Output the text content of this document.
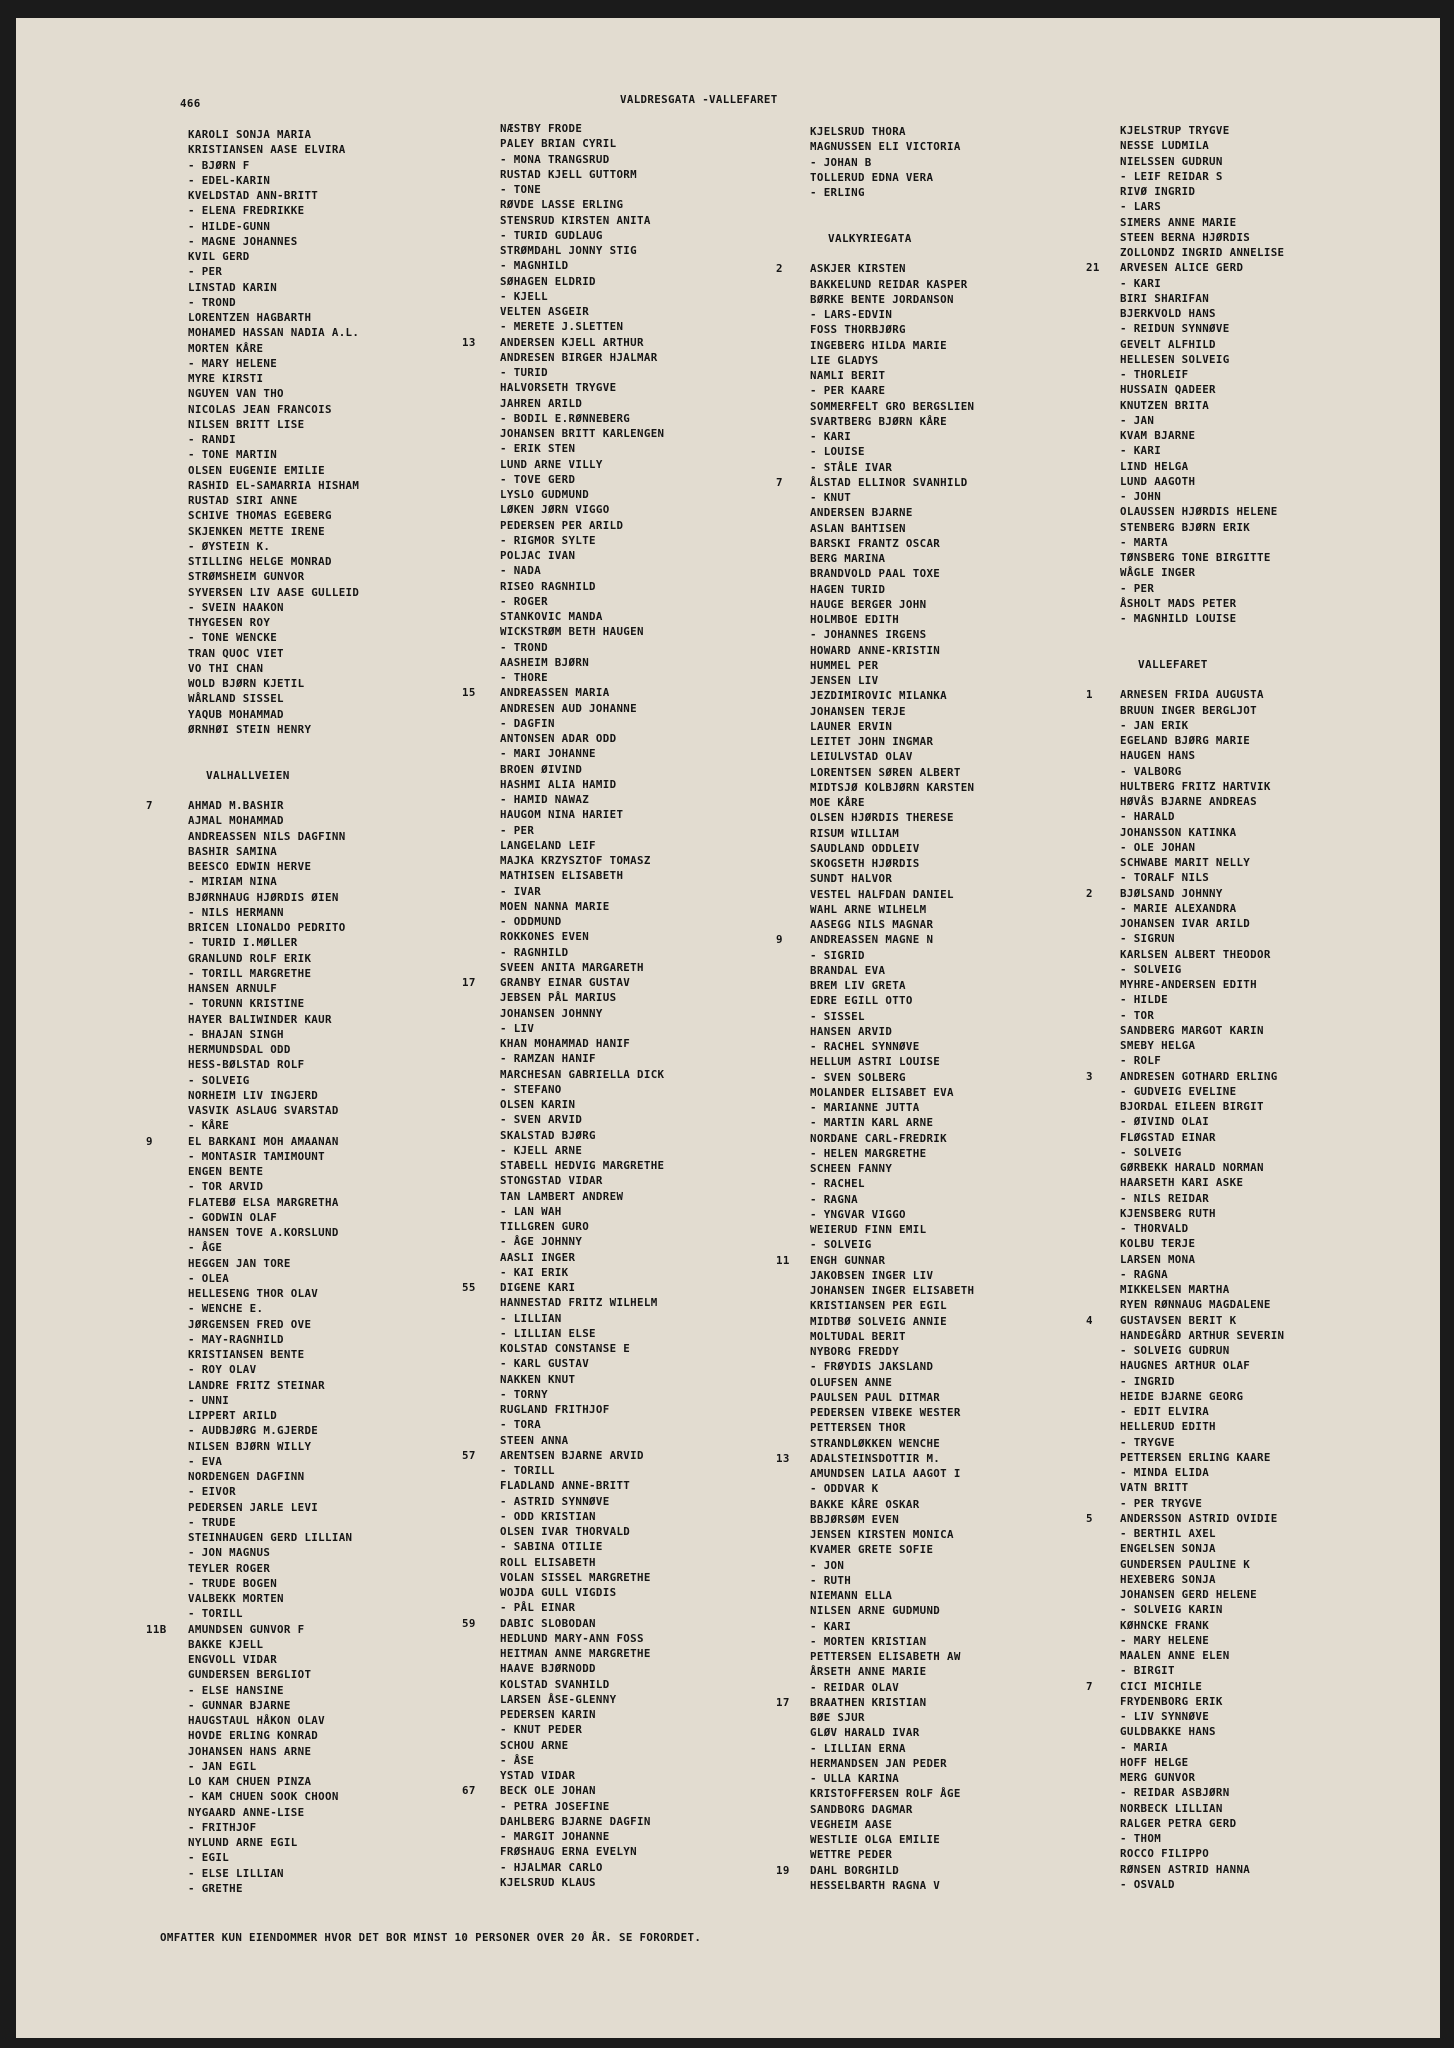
466	VALDRESGATA -VALLEFARET
KAROLI SONJA MARIA
KRISTIANSEN AASE ELVIRA
- BJØRN F
- EDEL-KARIN
KVELDSTAD ANN-BRITT
- ELENA FREDRIKKE
- HILDE-GUNN
- MAGNE JOHANNES
KVIL GERD
- PER
LINSTAD KARIN
- TROND
LORENTZEN HAGBARTH
MOHAMED HASSAN NADIA A.L.
MORTEN KÅRE
- MARY HELENE
MYRE KIRSTI
NGUYEN VAN THO
NICOLAS JEAN FRANCOIS
NILSEN BRITT LISE
- RANDI
- TONE MARTIN
OLSEN EUGENIE EMILIE
RASHID EL-SAMARRIA HISHAM
RUSTAD SIRI ANNE
SCHIVE THOMAS EGEBERG
SKJENKEN METTE IRENE
- ØYSTEIN K.
STILLING HELGE MONRAD
STRØMSHEIM GUNVOR
SYVERSEN LIV AASE GULLEID
- SVEIN HAAKON
THYGESEN ROY
- TONE WENCKE
TRAN QUOC VIET
VO THI CHAN
WOLD BJØRN KJETIL
WÅRLAND SISSEL
YAQUB MOHAMMAD
ØRNHØI STEIN HENRY
VALHALLVEIEN
7	AHMAD M.BASHIR
AJMAL MOHAMMAD
ANDREASSEN NILS DAGFINN
BASHIR SAMINA
BEESCO EDWIN HERVE
- MIRIAM NINA
BJØRNHAUG HJØRDIS ØIEN
- NILS HERMANN
BRICEN LIONALDO PEDRITO
- TURID I.MØLLER
GRANLUND ROLF ERIK
- TORILL MARGRETHE
HANSEN ARNULF
- TORUNN KRISTINE
HAYER BALIWINDER KAUR
- BHAJAN SINGH
HERMUNDSDAL ODD
HESS-BØLSTAD ROLF
- SOLVEIG
NORHEIM LIV INGJERD
VASVIK ASLAUG SVARSTAD
- KÅRE
9	EL BARKANI MOH AMAANAN
- MONTASIR TAMIMOUNT
ENGEN BENTE
- TOR ARVID
FLATEBØ ELSA MARGRETHA
- GODWIN OLAF
HANSEN TOVE A.KORSLUND
- ÅGE
HEGGEN JAN TORE
- OLEA
HELLESENG THOR OLAV
- WENCHE E.
JØRGENSEN FRED OVE
- MAY-RAGNHILD
KRISTIANSEN BENTE
- ROY OLAV
LANDRE FRITZ STEINAR
- UNNI
LIPPERT ARILD
- AUDBJØRG M.GJERDE
NILSEN BJØRN WILLY
- EVA
NORDENGEN DAGFINN
- EIVOR
PEDERSEN JARLE LEVI
- TRUDE
STEINHAUGEN GERD LILLIAN
- JON MAGNUS
TEYLER ROGER
- TRUDE BOGEN
VALBEKK MORTEN
- TORILL
11B AMUNDSEN GUNVOR F
BAKKE KJELL
ENGVOLL VIDAR
GUNDERSEN BERGLIOT
- ELSE HANSINE
- GUNNAR BJARNE
HAUGSTAUL HÅKON OLAV
HOVDE ERLING KONRAD
JOHANSEN HANS ARNE
- JAN EGIL
LO KAM CHUEN PINZA
- KAM CHUEN SOOK CHOON
NYGAARD ANNE-LISE
- FRITHJOF
NYLUND ARNE EGIL
- EGIL
- ELSE LILLIAN
- GRETHE
NÆSTBY FRODE
PALEY BRIAN CYRIL
- MONA TRANGSRUD
RUSTAD KJELL GUTTORM
- TONE
RØVDE LASSE ERLING
STENSRUD KIRSTEN ANITA
- TURID GUDLAUG
STRØMDAHL JONNY STIG
- MAGNHILD
SØHAGEN ELDRID
- KJELL
VELTEN ASGEIR
- MERETE J.SLETTEN
13 ANDERSEN KJELL ARTHUR
ANDRESEN BIRGER HJALMAR
- TURID
HALVORSETH TRYGVE
JAHREN ARILD
- BODIL E.RØNNEBERG
JOHANSEN BRITT KARLENGEN
- ERIK STEN
LUND ARNE VILLY
- TOVE GERD
LYSLO GUDMUND
LØKEN JØRN VIGGO
PEDERSEN PER ARILD
- RIGMOR SYLTE
POLJAC IVAN
- NADA
RISEO RAGNHILD
- ROGER
STANKOVIC MANDA
WICKSTRØM BETH HAUGEN
- TROND
AASHEIM BJØRN
- THORE
15 ANDREASSEN MARIA
ANDRESEN AUD JOHANNE
- DAGFIN
ANTONSEN ADAR ODD
- MARI JOHANNE
BROEN ØIVIND
HASHMI ALIA HAMID
- HAMID NAWAZ
HAUGOM NINA HARIET
- PER
LANGELAND LEIF
MAJKA KRZYSZTOF TOMASZ
MATHISEN ELISABETH
- IVAR
MOEN NANNA MARIE
- ODDMUND
ROKKONES EVEN
- RAGNHILD
SVEEN ANITA MARGARETH
17 GRANBY EINAR GUSTAV
JEBSEN PÅL MARIUS
JOHANSEN JOHNNY
- LIV
KHAN MOHAMMAD HANIF
- RAMZAN HANIF
MARCHESAN GABRIELLA DICK
- STEFANO
OLSEN KARIN
- SVEN ARVID
SKALSTAD BJØRG
- KJELL ARNE
STABELL HEDVIG MARGRETHE
STONGSTAD VIDAR
TAN LAMBERT ANDREW
- LAN WAH
TILLGREN GURO
- ÅGE JOHNNY
AASLI INGER
- KAI ERIK
55 DIGENE KARI
HANNESTAD FRITZ WILHELM
- LILLIAN
- LILLIAN ELSE
KOLSTAD CONSTANSE E
- KARL GUSTAV
NAKKEN KNUT
- TORNY
RUGLAND FRITHJOF
- TORA
STEEN ANNA
57 ARENTSEN BJARNE ARVID
- TORILL
FLADLAND ANNE-BRITT
- ASTRID SYNNØVE
- ODD KRISTIAN
OLSEN IVAR THORVALD
- SABINA OTILIE
ROLL ELISABETH
VOLAN SISSEL MARGRETHE
WOJDA GULL VIGDIS
- PÅL EINAR
59 DABIC SLOBODAN
HEDLUND MARY-ANN FOSS
HEITMAN ANNE MARGRETHE
HAAVE BJØRNODD
KOLSTAD SVANHILD
LARSEN ÅSE-GLENNY
PEDERSEN KARIN
- KNUT PEDER
SCHOU ARNE
- ÅSE
YSTAD VIDAR
67 BECK OLE JOHAN
- PETRA JOSEFINE
DAHLBERG BJARNE DAGFIN
- MARGIT JOHANNE
FRØSHAUG ERNA EVELYN
- HJALMAR CARLO
KJELSRUD KLAUS
KJELSRUD THORA
MAGNUSSEN ELI VICTORIA
- JOHAN B
TOLLERUD EDNA VERA
- ERLING
VALKYRIEGATA
2	ASKJER KIRSTEN
BAKKELUND REIDAR KASPER
BØRKE BENTE JORDANSON
- LARS-EDVIN
FOSS THORBJØRG
INGEBERG HILDA MARIE
LIE GLADYS
NAMLI BERIT
- PER KAARE
SOMMERFELT GRO BERGSLIEN
SVARTBERG BJØRN KÅRE
- KARI
- LOUISE
- STÅLE IVAR
7	ÅLSTAD ELLINOR SVANHILD
- KNUT
ANDERSEN BJARNE
ASLAN BAHTISEN
BARSKI FRANTZ OSCAR
BERG MARINA
BRANDVOLD PAAL TOXE
HAGEN TURID
HAUGE BERGER JOHN
HOLMBOE EDITH
- JOHANNES IRGENS
HOWARD ANNE-KRISTIN
HUMMEL PER
JENSEN LIV
JEZDIMIROVIC MILANKA
JOHANSEN TERJE
LAUNER ERVIN
LEITET JOHN INGMAR
LEIULVSTAD OLAV
LORENTSEN SØREN ALBERT
MIDTSJØ KOLBJØRN KARSTEN
MOE KÅRE
OLSEN HJØRDIS THERESE
RISUM WILLIAM
SAUDLAND ODDLEIV
SKOGSETH HJØRDIS
SUNDT HALVOR
VESTEL HALFDAN DANIEL
WAHL ARNE WILHELM
AASEGG NILS MAGNAR
9	ANDREASSEN MAGNE N
- SIGRID
BRANDAL EVA
BREM LIV GRETA
EDRE EGILL OTTO
- SISSEL
HANSEN ARVID
- RACHEL SYNNØVE
HELLUM ASTRI LOUISE
- SVEN SOLBERG
MOLANDER ELISABET EVA
- MARIANNE JUTTA
- MARTIN KARL ARNE
NORDANE CARL-FREDRIK
- HELEN MARGRETHE
SCHEEN FANNY
- RACHEL
- RAGNA
- YNGVAR VIGGO
WEIERUD FINN EMIL
- SOLVEIG
11 ENGH GUNNAR
JAKOBSEN INGER LIV
JOHANSEN INGER ELISABETH
KRISTIANSEN PER EGIL
MIDTBØ SOLVEIG ANNIE
MOLTUDAL BERIT
NYBORG FREDDY
- FRØYDIS JAKSLAND
OLUFSEN ANNE
PAULSEN PAUL DITMAR
PEDERSEN VIBEKE WESTER
PETTERSEN THOR
STRANDLØKKEN WENCHE
13 ADALSTEINSDOTTIR M.
AMUNDSEN LAILA AAGOT I
- ODDVAR K
BAKKE KÅRE OSKAR
BBJØRSØM EVEN
JENSEN KIRSTEN MONICA
KVAMER GRETE SOFIE
- JON
- RUTH
NIEMANN ELLA
NILSEN ARNE GUDMUND
- KARI
- MORTEN KRISTIAN
PETTERSEN ELISABETH AW
ÅRSETH ANNE MARIE
- REIDAR OLAV
17 BRAATHEN KRISTIAN
BØE SJUR
GLØV HARALD IVAR
- LILLIAN ERNA
HERMANDSEN JAN PEDER
- ULLA KARINA
KRISTOFFERSEN ROLF ÅGE
SANDBORG DAGMAR
VEGHEIM AASE
WESTLIE OLGA EMILIE
WETTRE PEDER
19 DAHL BORGHILD
HESSELBARTH RAGNA V
KJELSTRUP TRYGVE
NESSE LUDMILA
NIELSSEN GUDRUN
- LEIF REIDAR S
RIVØ INGRID
- LARS
SIMERS ANNE MARIE
STEEN BERNA HJØRDIS
ZOLLONDZ INGRID ANNELISE
21 ARVESEN ALICE GERD
- KARI
BIRI SHARIFAN
BJERKVOLD HANS
- REIDUN SYNNØVE
GEVELT ALFHILD
HELLESEN SOLVEIG
- THORLEIF
HUSSAIN QADEER
KNUTZEN BRITA
- JAN
KVAM BJARNE
- KARI
LIND HELGA
LUND AAGOTH
- JOHN
OLAUSSEN HJØRDIS HELENE
STENBERG BJØRN ERIK
- MARTA
TØNSBERG TONE BIRGITTE
WÅGLE INGER
- PER
ÅSHOLT MADS PETER
- MAGNHILD LOUISE
VALLEFARET
1	ARNESEN FRIDA AUGUSTA
BRUUN INGER BERGLJOT
- JAN ERIK
EGELAND BJØRG MARIE
HAUGEN HANS
- VALBORG
HULTBERG FRITZ HARTVIK
HØVÅS BJARNE ANDREAS
- HARALD
JOHANSSON KATINKA
- OLE JOHAN
SCHWABE MARIT NELLY
- TORALF NILS
2	BJØLSAND JOHNNY
- MARIE ALEXANDRA
JOHANSEN IVAR ARILD
- SIGRUN
KARLSEN ALBERT THEODOR
- SOLVEIG
MYHRE-ANDERSEN EDITH
- HILDE
- TOR
SANDBERG MARGOT KARIN
SMEBY HELGA
- ROLF
3	ANDRESEN GOTHARD ERLING
- GUDVEIG EVELINE
BJORDAL EILEEN BIRGIT
- ØIVIND OLAI
FLØGSTAD EINAR
- SOLVEIG
GØRBEKK HARALD NORMAN
HAARSETH KARI ASKE
- NILS REIDAR
KJENSBERG RUTH
- THORVALD
KOLBU TERJE
LARSEN MONA
- RAGNA
MIKKELSEN MARTHA
RYEN RØNNAUG MAGDALENE
4	GUSTAVSEN BERIT K
HANDEGÅRD ARTHUR SEVERIN
- SOLVEIG GUDRUN
HAUGNES ARTHUR OLAF
- INGRID
HEIDE BJARNE GEORG
- EDIT ELVIRA
HELLERUD EDITH
- TRYGVE
PETTERSEN ERLING KAARE
- MINDA ELIDA
VATN BRITT
- PER TRYGVE
5	ANDERSSON ASTRID OVIDIE
- BERTHIL AXEL
ENGELSEN SONJA
GUNDERSEN PAULINE K
HEXEBERG SONJA
JOHANSEN GERD HELENE
- SOLVEIG KARIN
KØHNCKE FRANK
- MARY HELENE
MAALEN ANNE ELEN
- BIRGIT
7	CICI MICHILE
FRYDENBORG ERIK
- LIV SYNNØVE
GULDBAKKE HANS
- MARIA
HOFF HELGE
MERG GUNVOR
- REIDAR ASBJØRN
NORBECK LILLIAN
RALGER PETRA GERD
- THOM
ROCCO FILIPPO
RØNSEN ASTRID HANNA
- OSVALD
OMFATTER KUN EIENDOMMER HVOR DET BOR MINST 10 PERSONER OVER 20 ÅR. SE FORORDET.
